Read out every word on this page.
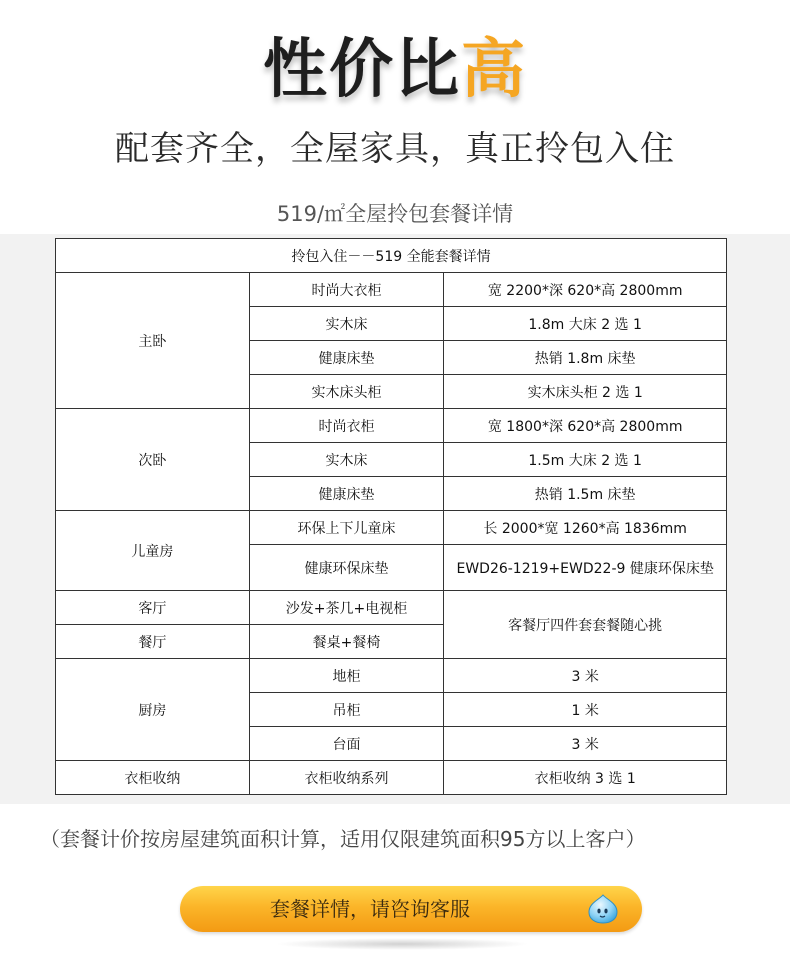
性价比高
配套齐全，全屋家具，真正拎包入住
519/㎡全屋拎包套餐详情
拎包入住－－519 全能套餐详情		
主卧	时尚大衣柜	宽 2200*深 620*高 2800mm
	实木床	1.8m 大床 2 选 1
	健康床垫	热销 1.8m 床垫
	实木床头柜	实木床头柜 2 选 1
次卧	时尚衣柜	宽 1800*深 620*高 2800mm
	实木床	1.5m 大床 2 选 1
	健康床垫	热销 1.5m 床垫
儿童房	环保上下儿童床	长 2000*宽 1260*高 1836mm
	健康环保床垫	EWD26-1219+EWD22-9 健康环保床垫
客厅	沙发+茶几+电视柜	客餐厅四件套套餐随心挑
餐厅	餐桌+餐椅	
厨房	地柜	3 米
	吊柜	1 米
	台面	3 米
衣柜收纳	衣柜收纳系列	衣柜收纳 3 选 1
（套餐计价按房屋建筑面积计算，适用仅限建筑面积95方以上客户）
套餐详情，请咨询客服
